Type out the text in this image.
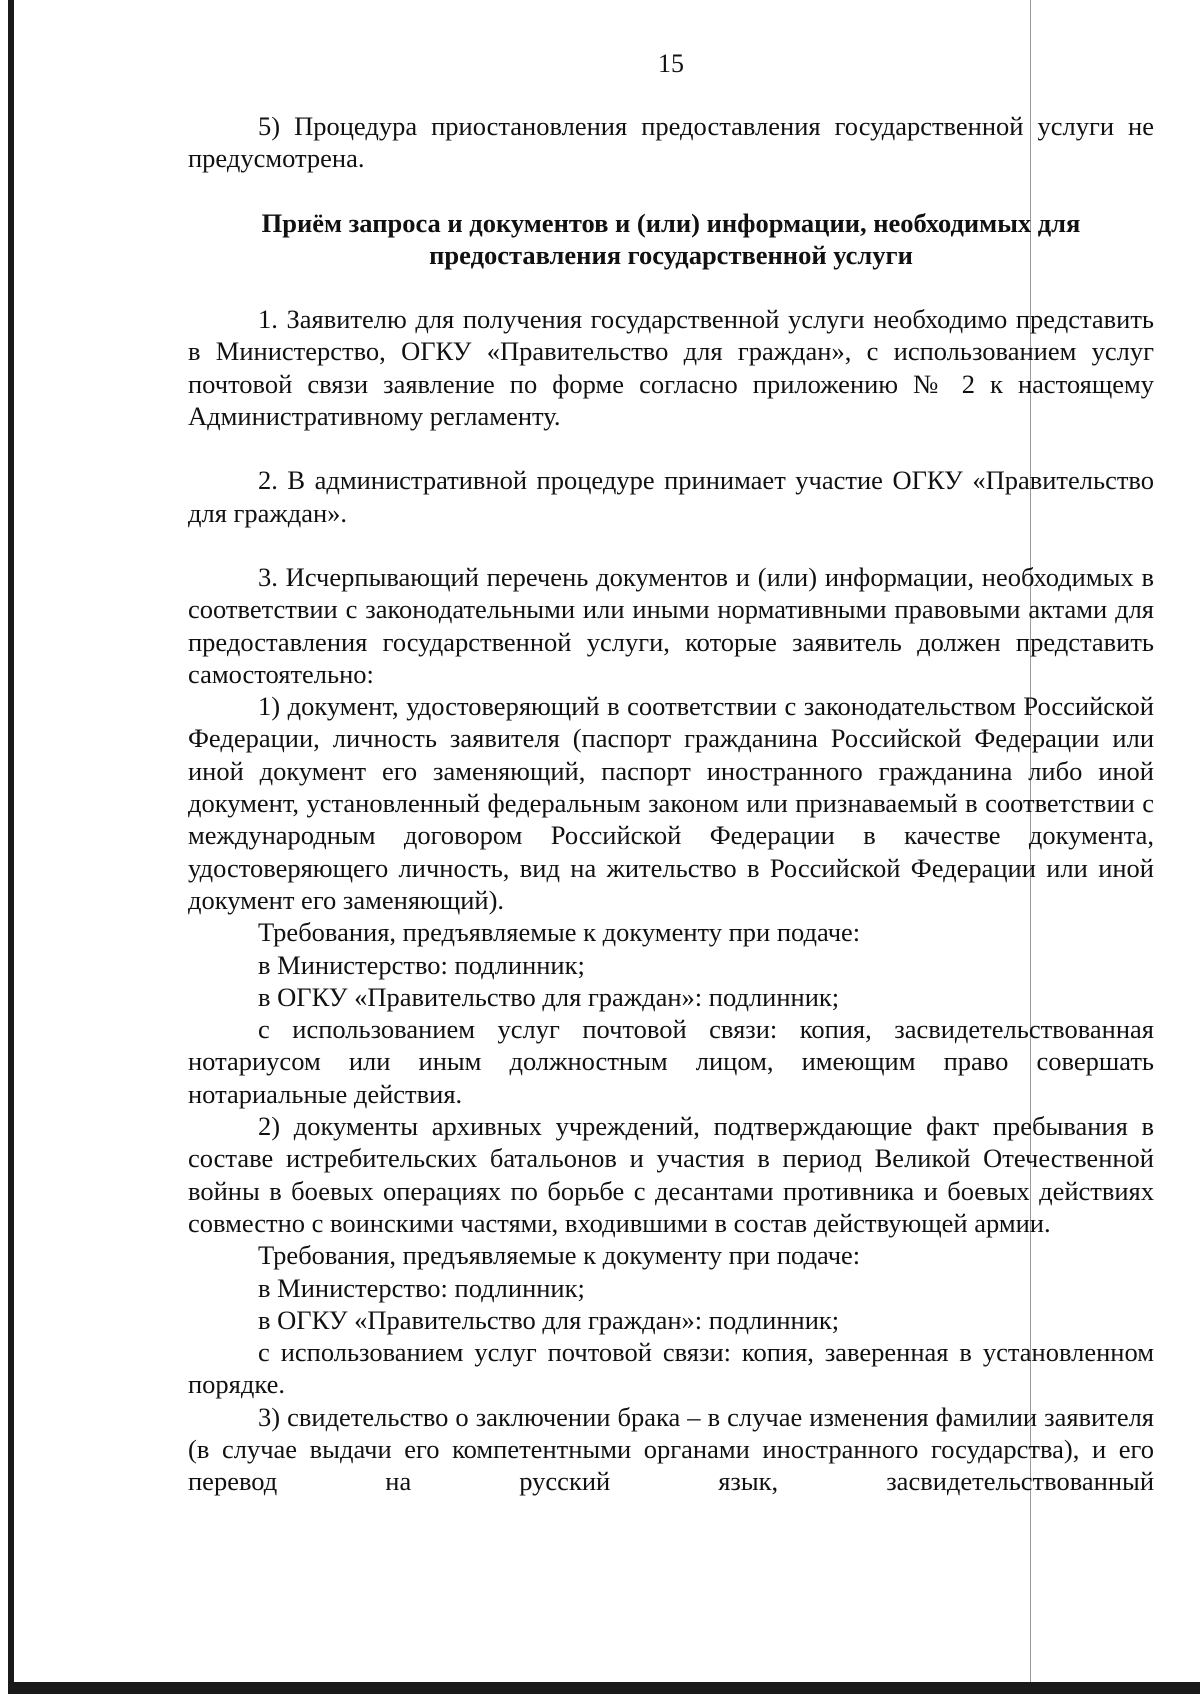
15

5) Процедура приостановления предоставления государственной услуги не предусмотрена.

Приём запроса и документов и (или) информации, необходимых для предоставления государственной услуги

1. Заявителю для получения государственной услуги необходимо представить в Министерство, ОГКУ «Правительство для граждан», с использованием услуг почтовой связи заявление по форме согласно приложению № 2 к настоящему Административному регламенту.

2. В административной процедуре принимает участие ОГКУ «Правительство для граждан».

3. Исчерпывающий перечень документов и (или) информации, необходимых в соответствии с законодательными или иными нормативными правовыми актами для предоставления государственной услуги, которые заявитель должен представить самостоятельно:

1) документ, удостоверяющий в соответствии с законодательством Российской Федерации, личность заявителя (паспорт гражданина Российской Федерации или иной документ его заменяющий, паспорт иностранного гражданина либо иной документ, установленный федеральным законом или признаваемый в соответствии с международным договором Российской Федерации в качестве документа, удостоверяющего личность, вид на жительство в Российской Федерации или иной документ его заменяющий).

Требования, предъявляемые к документу при подаче:

в Министерство: подлинник;

в ОГКУ «Правительство для граждан»: подлинник;

с использованием услуг почтовой связи: копия, засвидетельствованная нотариусом или иным должностным лицом, имеющим право совершать нотариальные действия.

2) документы архивных учреждений, подтверждающие факт пребывания в составе истребительских батальонов и участия в период Великой Отечественной войны в боевых операциях по борьбе с десантами противника и боевых действиях совместно с воинскими частями, входившими в состав действующей армии.

Требования, предъявляемые к документу при подаче:

в Министерство: подлинник;

в ОГКУ «Правительство для граждан»: подлинник;

с использованием услуг почтовой связи: копия, заверенная в установленном порядке.

3) свидетельство о заключении брака – в случае изменения фамилии заявителя (в случае выдачи его компетентными органами иностранного государства), и его перевод на русский язык, засвидетельствованный
